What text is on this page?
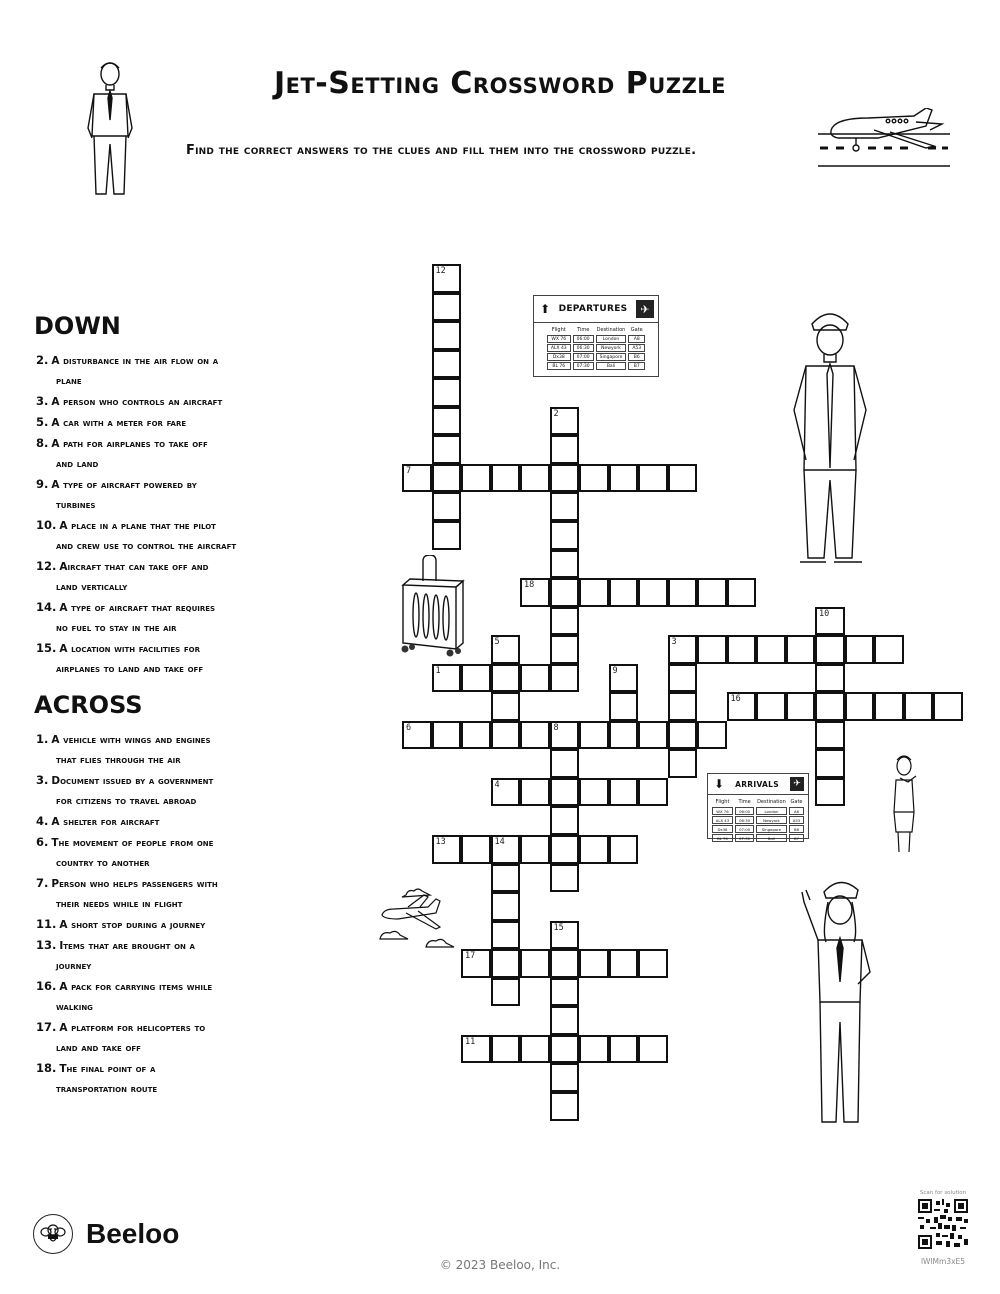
Jet-Setting Crossword Puzzle
Find the correct answers to the clues and fill them into the crossword puzzle.
DOWN
2. A disturbance in the air flow on a
plane
3. A person who controls an aircraft
5. A car with a meter for fare
8. A path for airplanes to take off
and land
9. A type of aircraft powered by
turbines
10. A place in a plane that the pilot
and crew use to control the aircraft
12. Aircraft that can take off and
land vertically
14. A type of aircraft that requires
no fuel to stay in the air
15. A location with facilities for
airplanes to land and take off
ACROSS
1. A vehicle with wings and engines
that flies through the air
3. Document issued by a government
for citizens to travel abroad
4. A shelter for aircraft
6. The movement of people from one
country to another
7. Person who helps passengers with
their needs while in flight
11. A short stop during a journey
13. Items that are brought on a
journey
16. A pack for carrying items while
walking
17. A platform for helicopters to
land and take off
18. The final point of a
transportation route
12
2
7
18
10
3
5
1	9
16
6	8
4
13	14
15
17
11
⬆ DEPARTURES	✈
Flight	Time	Destination	Gate
WX 76	06:00	London	A8
ALX 43	06:30	Newyork	A53
Dx38	07:00	Singapore	B6
BL 76	07:30	Bali	B7
⬇ ARRIVALS	✈
Flight	Time	Destination	Gate
WX 76	06:00	London	A6
ALX 43	06:30	Newyork	A53
Dx38	07:00	Singapore	B6
BL 76	07:30	Bali	B7
Beeloo
© 2023 Beeloo, Inc.
Scan for solution
lWlMm3xE5
